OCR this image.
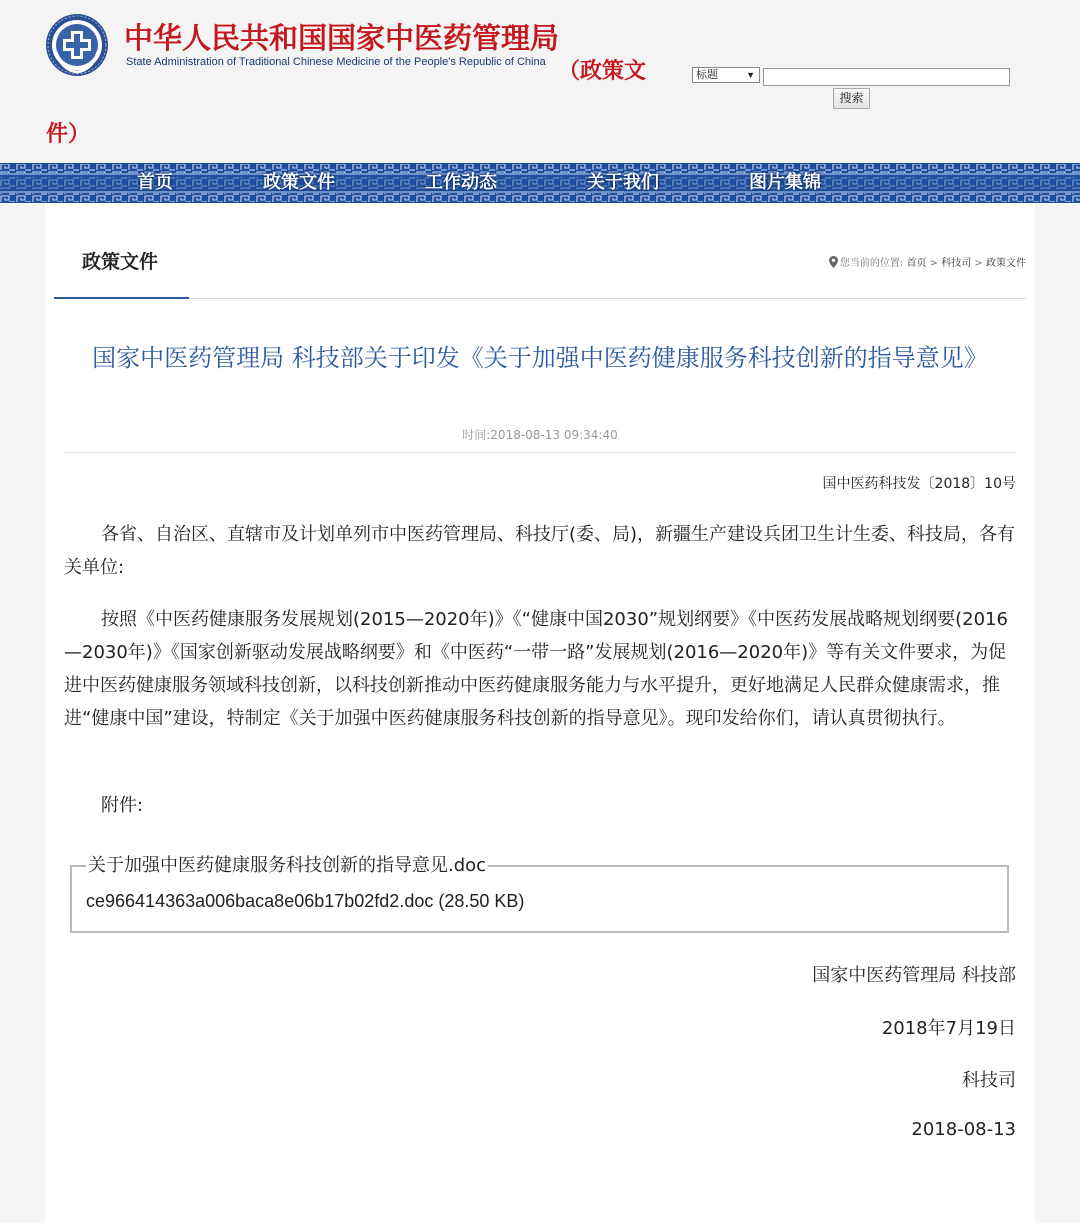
中华人民共和国国家中医药管理局
State Administration of Traditional Chinese Medicine of the People's Republic of China （政策文
件）
标题	▼
搜索
首页	政策文件	工作动态	关于我们	图片集锦
政策文件	您当前的位置: 首页 > 科技司 > 政策文件
国家中医药管理局 科技部关于印发《关于加强中医药健康服务科技创新的指导意见》
时间:2018-08-13 09:34:40
国中医药科技发〔2018〕10号

各省、自治区、直辖市及计划单列市中医药管理局、科技厅(委、局)，新疆生产建设兵团卫生计生委、科技局，各有关单位:

按照《中医药健康服务发展规划(2015—2020年)》《“健康中国2030”规划纲要》《中医药发展战略规划纲要(2016—2030年)》《国家创新驱动发展战略纲要》和《中医药“一带一路”发展规划(2016—2020年)》等有关文件要求，为促进中医药健康服务领域科技创新，以科技创新推动中医药健康服务能力与水平提升，更好地满足人民群众健康需求，推进“健康中国”建设，特制定《关于加强中医药健康服务科技创新的指导意见》。现印发给你们，请认真贯彻执行。

附件:

关于加强中医药健康服务科技创新的指导意见.doc
ce966414363a006baca8e06b17b02fd2.doc (28.50 KB)
国家中医药管理局 科技部
2018年7月19日
科技司
2018-08-13
